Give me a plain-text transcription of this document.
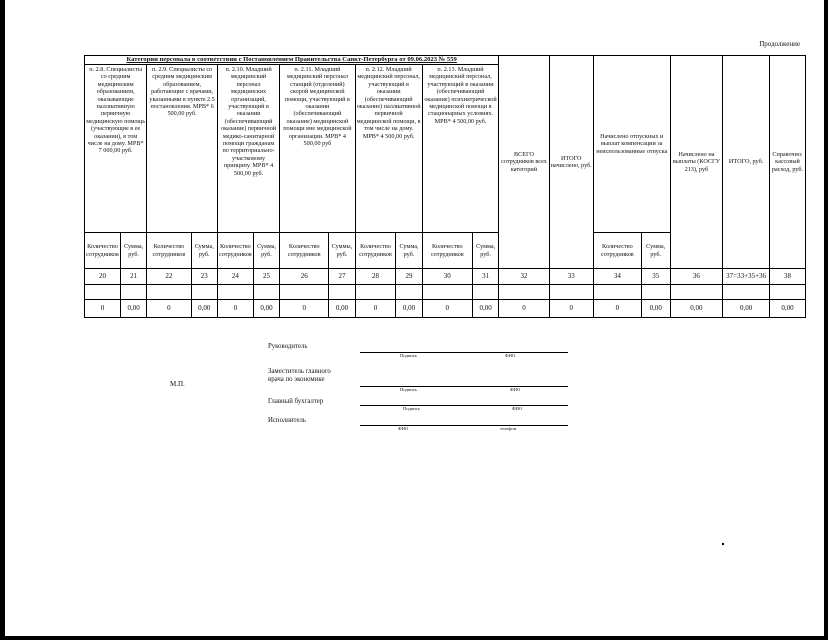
Продолжение
Категории персонала в соответствии с Постановлением Правительства Санкт-Петербурга от 09.06.2023 № 559												ВСЕГО сотрудников всех категорий	ИТОГО начислено, руб.	Начислено отпускных и выплат компенсации за неиспользованные отпуска		Начислено на выплаты (КОСГУ 213), руб	ИТОГО, руб.	Справочно: кассовый расход, руб.
п. 2.8. Специалисты со средним медицинским образованием, оказывающие паллиативную первичную медицинскую помощь (участвующие в ее оказании), в том числе на дому. МРВ* 7 000,00 руб.		п. 2.9. Специалисты со средним медицинским образованием, работающие с врачами, указанными в пункте 2.5 постановления. МРВ* 6 500,00 руб.		п. 2.10. Младший медицинский персонал медицинских организаций, участвующий в оказании (обеспечивающий оказание) первичной медико-санитарной помощи гражданам по территориально-участковому принципу. МРВ* 4 500,00 руб.		п. 2.11. Младший медицинский персонал станций (отделений) скорой медицинской помощи, участвующий в оказании (обеспечивающий оказание) медицинской помощи вне медицинской организации. МРВ* 4 500,00 руб		п. 2.12. Младший медицинский персонал, участвующий в оказании (обеспечивающий оказание) паллиативной первичной медицинской помощи, в том числе на дому. МРВ* 4 500,00 руб.		п. 2.13. Младший медицинский персонал, участвующий в оказании (обеспечивающий оказание) психиатрической медицинской помощи в стационарных условиях. МРВ* 4 500,00 руб.								
Количество сотрудников	Сумма, руб.	Количество сотрудников	Сумма, руб.	Количество сотрудников	Сумма, руб.	Количество сотрудников	Суммы, руб.	Количество сотрудников	Сумма, руб.	Количество сотрудников	Сумма, руб.			Количество сотрудников	Сумма, руб.			
20	21	22	23	24	25	26	27	28	29	30	31	32	33	34	35	36	37=33+35+36	38

0	0,00	0	0,00	0	0,00	0	0,00	0	0,00	0	0,00	0	0	0	0,00	0,00	0,00	0,00
Руководитель
Подпись	ФИО
М.П.
Заместитель главного врача по экономике
Подпись	ФИО
Главный бухгалтер
Подпись	ФИО
Исполнитель
ФИО	телефон
